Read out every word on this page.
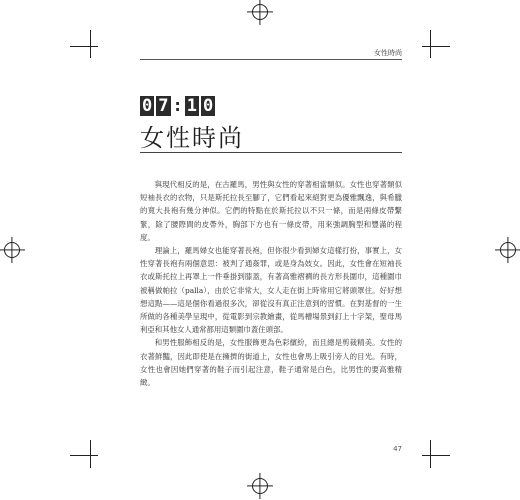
女性時尚
0 7 : 1 0
女性時尚

與現代相反的是，在古羅馬，男性與女性的穿著相當類似。女性也穿著類似短袖長衣的衣物，只是斯托拉長至腳了，它們看起來絕對更為優雅飄逸，與希臘的寬大長袍有幾分神似。它們的特點在於斯托拉以不只一條，而是兩條皮帶繫緊，除了腰際間的皮帶外，胸部下方也有一條皮帶，用來強調胸型和豐滿的程度。

理論上，羅馬婦女也能穿著長袍，但你很少看到婦女這樣打扮，事實上，女性穿著長袍有兩個意思：被判了通姦罪，或是身為妓女。因此，女性會在短袖長衣或斯托拉上再罩上一件垂掛到膝蓋，有著高雅褶襉的長方形長圍巾，這種圍巾被稱做帕拉（palla），由於它非常大，女人走在街上時常用它將頭罩住。好好想想這點——這是個你看過很多次，卻從沒有真正注意到的習慣。在對基督的一生所做的各種美學呈現中，從電影到宗教繪畫，從馬槽場景到釘上十字架，聖母馬利亞和其他女人通常都用這類圍巾蓋住頭部。

和男性服飾相反的是，女性服飾更為色彩繽紛，而且總是剪裁精美。女性的衣著鮮豔，因此即使是在擁擠的街道上，女性也會馬上吸引旁人的目光。有時，女性也會因她們穿著的鞋子而引起注意，鞋子通常是白色，比男性的要高雅精緻。

47
